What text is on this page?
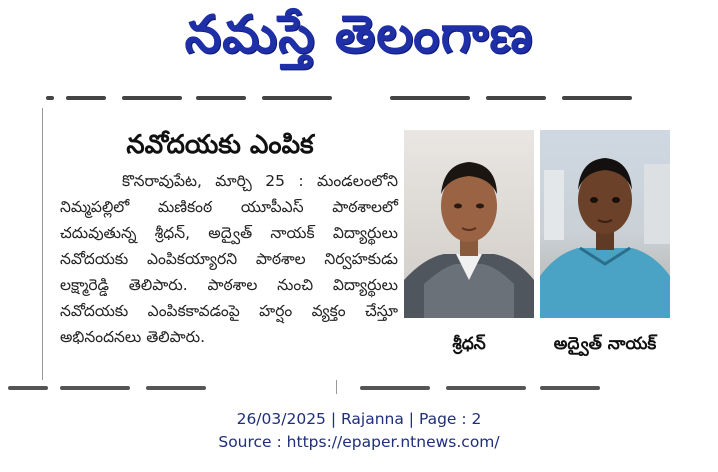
నమస్తే తెలంగాణ
నవోదయకు ఎంపిక

కొనరావుపేట, మార్చి 25 : మండలంలోని నిమ్మపల్లిలో మణికంఠ యూపీఎస్ పాఠశాలలో చదువుతున్న శ్రీధన్, అద్వైత్ నాయక్ విద్యార్థులు నవోదయకు ఎంపికయ్యారని పాఠశాల నిర్వహకుడు లక్ష్మారెడ్డి తెలిపారు. పాఠశాల నుంచి విద్యార్థులు నవోదయకు ఎంపికకావడంపై హర్షం వ్యక్తం చేస్తూ అభినందనలు తెలిపారు.	శ్రీధన్	అద్వైత్ నాయక్
26/03/2025 | Rajanna | Page : 2
Source : https://epaper.ntnews.com/
